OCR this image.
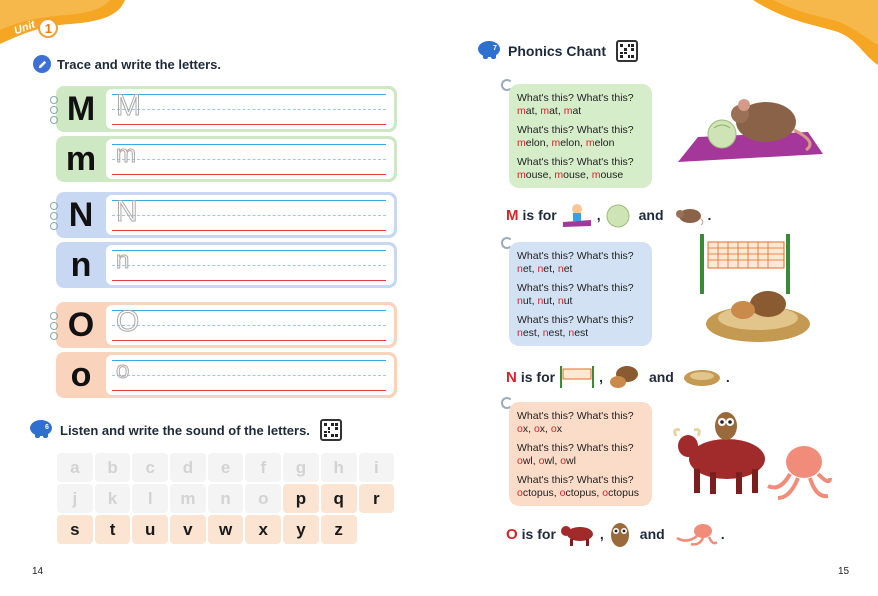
Unit 1
Trace and write the letters.
M M
m m
N N
n	n
O O
o	o
6 Listen and write the sound of the letters.
a	b	c	d	e	f	g	h	i
j	k	l	m	n	o	p	q	r
s	t	u	v	w	x	y	z
14
7 Phonics Chant

What's this? What's this?
mat, mat, mat

What's this? What's this?
melon, melon, melon

What's this? What's this?
mouse, mouse, mouse

M is for	,	and	.

What's this? What's this?
net, net, net

What's this? What's this?
nut, nut, nut

What's this? What's this?
nest, nest, nest

N is for	,	and	.

What's this? What's this?
ox, ox, ox

What's this? What's this?
owl, owl, owl

What's this? What's this?
octopus, octopus, octopus

O is for	,	and	.
15
